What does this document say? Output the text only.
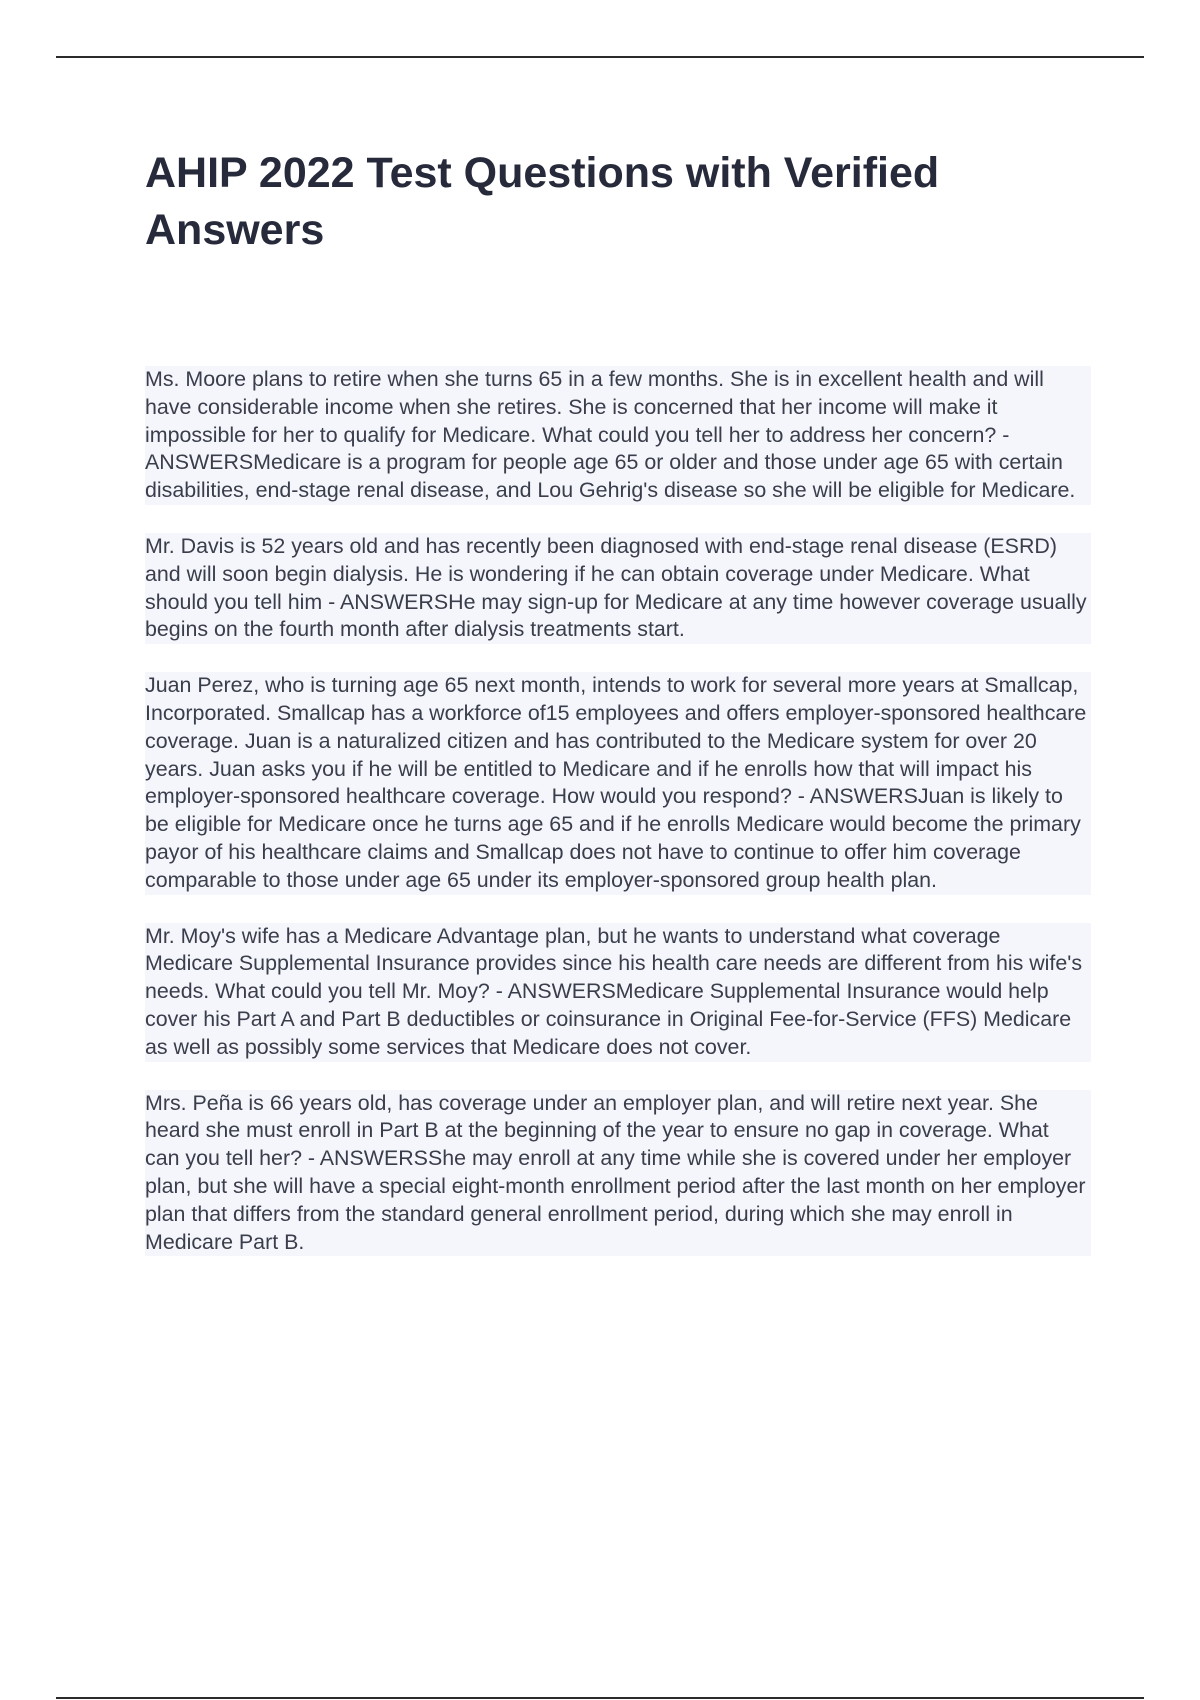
AHIP 2022 Test Questions with Verified Answers

Ms. Moore plans to retire when she turns 65 in a few months. She is in excellent health and will have considerable income when she retires. She is concerned that her income will make it impossible for her to qualify for Medicare. What could you tell her to address her concern? - ANSWERSMedicare is a program for people age 65 or older and those under age 65 with certain disabilities, end-stage renal disease, and Lou Gehrig's disease so she will be eligible for Medicare.

Mr. Davis is 52 years old and has recently been diagnosed with end-stage renal disease (ESRD) and will soon begin dialysis. He is wondering if he can obtain coverage under Medicare. What should you tell him - ANSWERSHe may sign-up for Medicare at any time however coverage usually begins on the fourth month after dialysis treatments start.

Juan Perez, who is turning age 65 next month, intends to work for several more years at Smallcap, Incorporated. Smallcap has a workforce of15 employees and offers employer-sponsored healthcare coverage. Juan is a naturalized citizen and has contributed to the Medicare system for over 20 years. Juan asks you if he will be entitled to Medicare and if he enrolls how that will impact his employer-sponsored healthcare coverage. How would you respond? - ANSWERSJuan is likely to be eligible for Medicare once he turns age 65 and if he enrolls Medicare would become the primary payor of his healthcare claims and Smallcap does not have to continue to offer him coverage comparable to those under age 65 under its employer-sponsored group health plan.

Mr. Moy's wife has a Medicare Advantage plan, but he wants to understand what coverage Medicare Supplemental Insurance provides since his health care needs are different from his wife's needs. What could you tell Mr. Moy? - ANSWERSMedicare Supplemental Insurance would help cover his Part A and Part B deductibles or coinsurance in Original Fee-for-Service (FFS) Medicare as well as possibly some services that Medicare does not cover.

Mrs. Peña is 66 years old, has coverage under an employer plan, and will retire next year. She heard she must enroll in Part B at the beginning of the year to ensure no gap in coverage. What can you tell her? - ANSWERSShe may enroll at any time while she is covered under her employer plan, but she will have a special eight-month enrollment period after the last month on her employer plan that differs from the standard general enrollment period, during which she may enroll in Medicare Part B.
